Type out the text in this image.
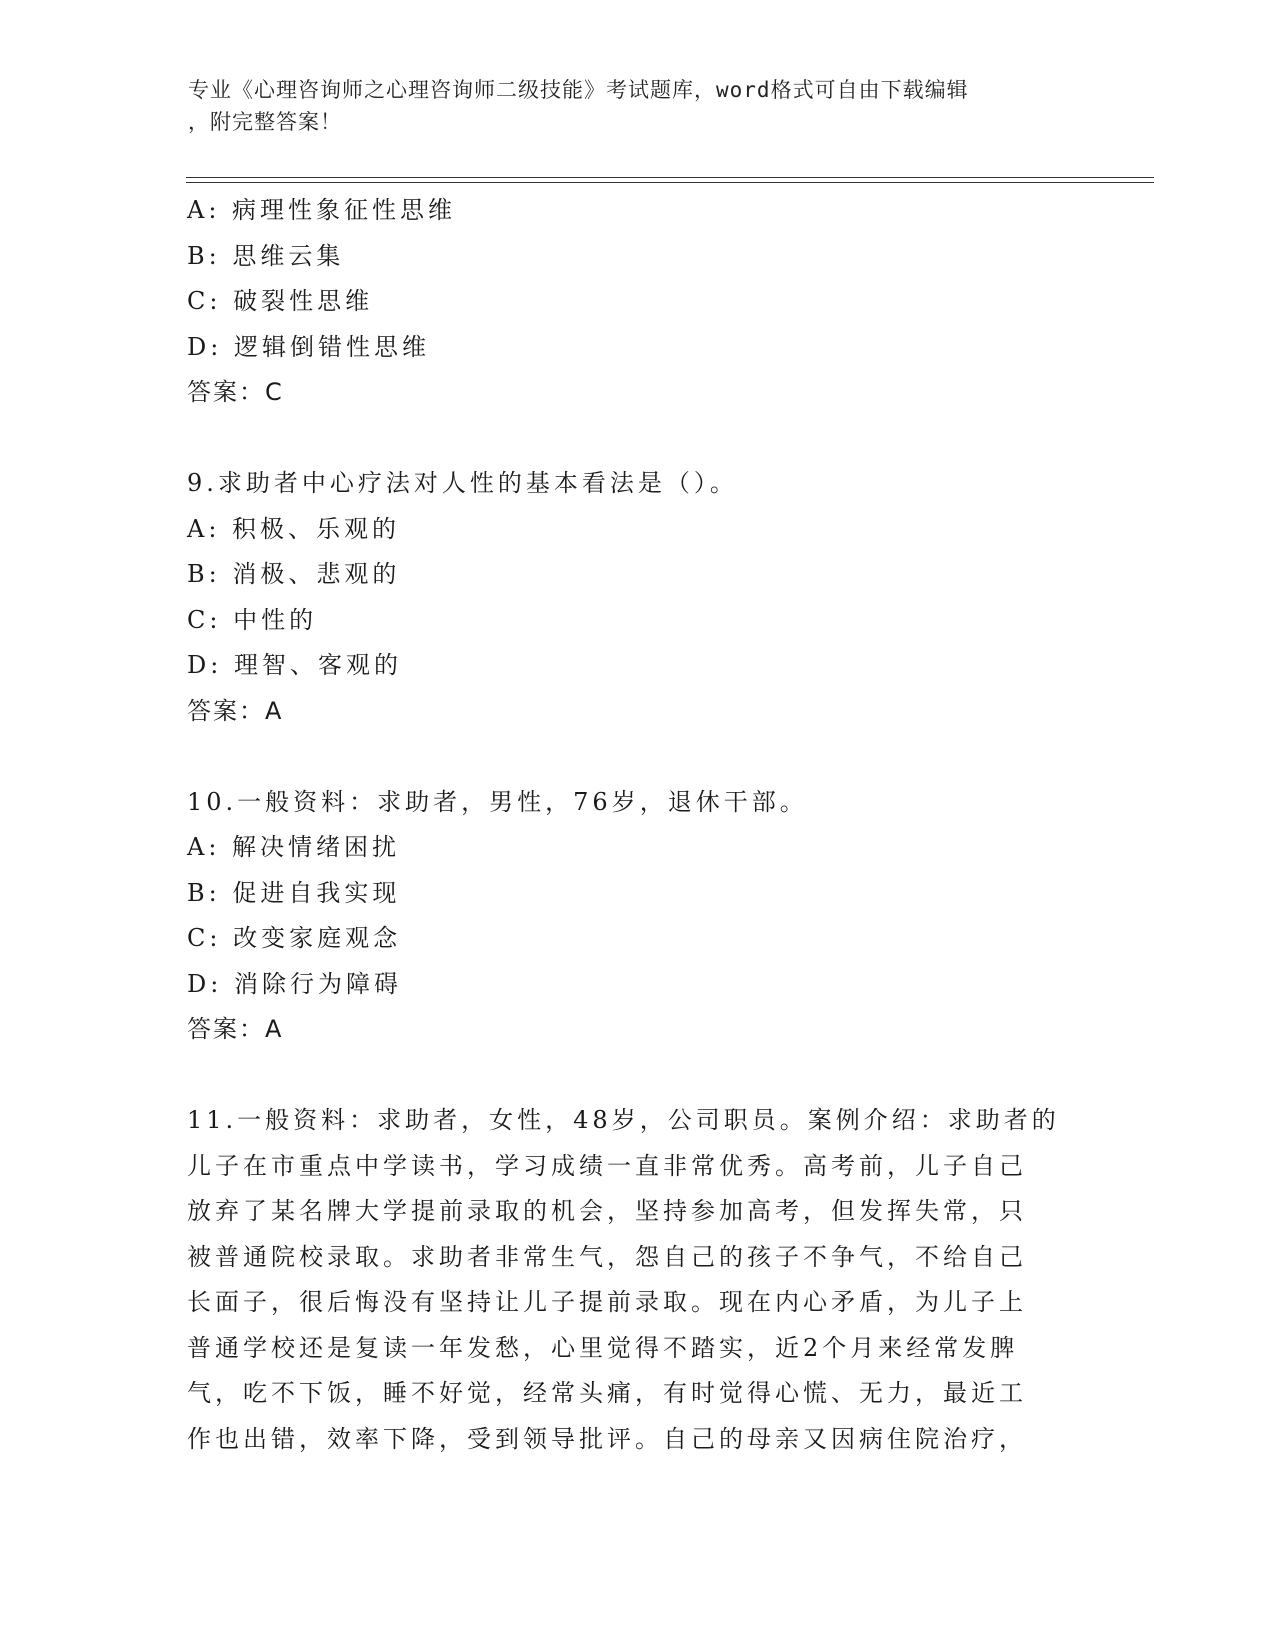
专业《心理咨询师之心理咨询师二级技能》考试题库，word格式可自由下载编辑
，附完整答案！
A: 病理性象征性思维
B: 思维云集
C: 破裂性思维
D: 逻辑倒错性思维
答案：C
9.求助者中心疗法对人性的基本看法是（）。
A: 积极、乐观的
B: 消极、悲观的
C: 中性的
D: 理智、客观的
答案：A
10.一般资料：求助者，男性，76岁，退休干部。
A: 解决情绪困扰
B: 促进自我实现
C: 改变家庭观念
D: 消除行为障碍
答案：A
11.一般资料：求助者，女性，48岁，公司职员。案例介绍：求助者的
儿子在市重点中学读书，学习成绩一直非常优秀。高考前，儿子自己
放弃了某名牌大学提前录取的机会，坚持参加高考，但发挥失常，只
被普通院校录取。求助者非常生气，怨自己的孩子不争气，不给自己
长面子，很后悔没有坚持让儿子提前录取。现在内心矛盾，为儿子上
普通学校还是复读一年发愁，心里觉得不踏实，近2个月来经常发脾
气，吃不下饭，睡不好觉，经常头痛，有时觉得心慌、无力，最近工
作也出错，效率下降，受到领导批评。自己的母亲又因病住院治疗，
